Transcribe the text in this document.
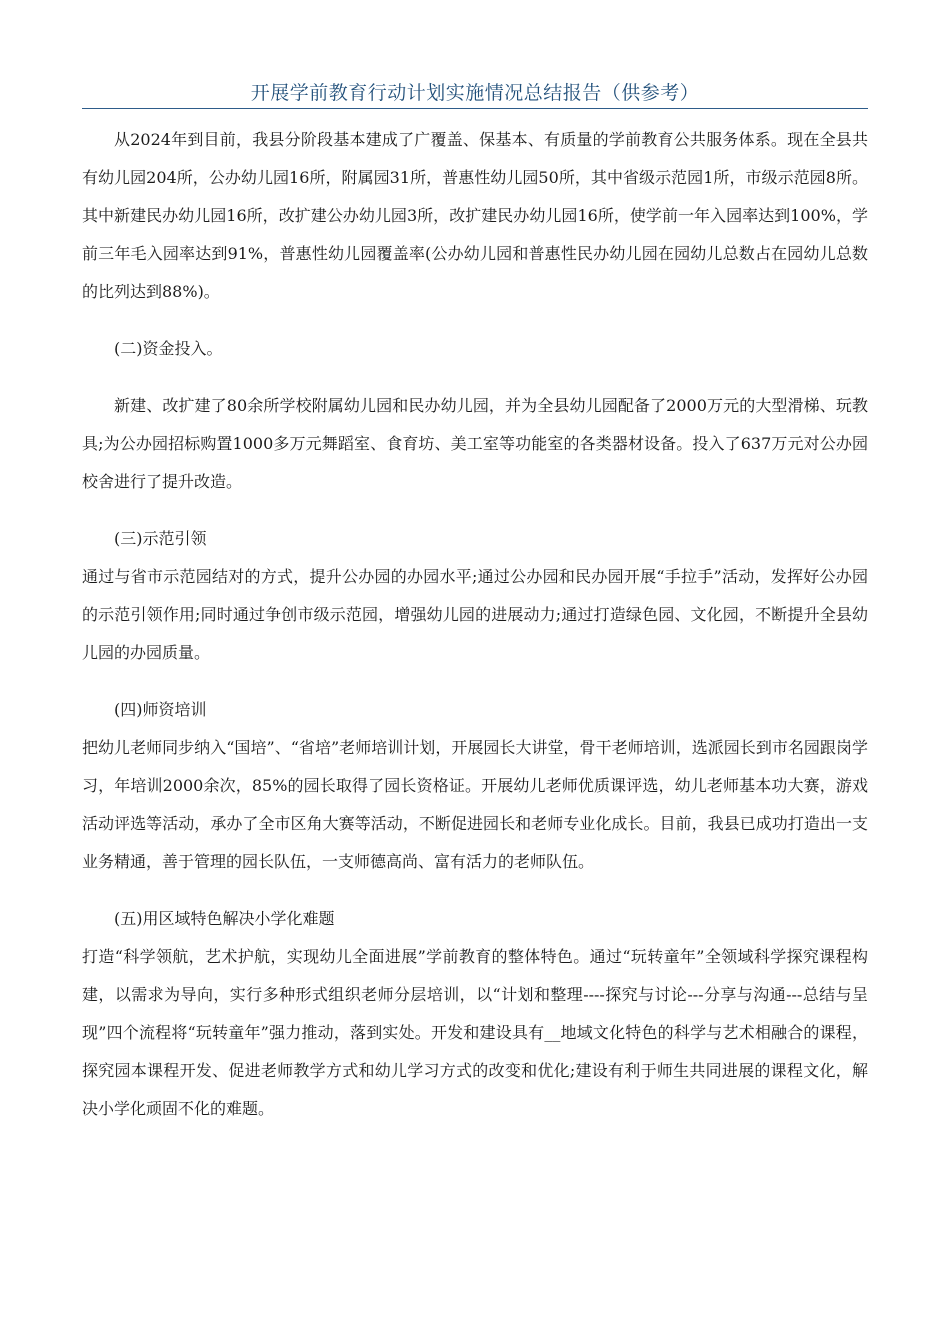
开展学前教育行动计划实施情况总结报告（供参考）

从2024年到目前，我县分阶段基本建成了广覆盖、保基本、有质量的学前教育公共服务体系。现在全县共有幼儿园204所，公办幼儿园16所，附属园31所，普惠性幼儿园50所，其中省级示范园1所，市级示范园8所。其中新建民办幼儿园16所，改扩建公办幼儿园3所，改扩建民办幼儿园16所，使学前一年入园率达到100%，学前三年毛入园率达到91%，普惠性幼儿园覆盖率(公办幼儿园和普惠性民办幼儿园在园幼儿总数占在园幼儿总数的比列达到88%)。

(二)资金投入。

新建、改扩建了80余所学校附属幼儿园和民办幼儿园，并为全县幼儿园配备了2000万元的大型滑梯、玩教具;为公办园招标购置1000多万元舞蹈室、食育坊、美工室等功能室的各类器材设备。投入了637万元对公办园校舍进行了提升改造。

(三)示范引领

通过与省市示范园结对的方式，提升公办园的办园水平;通过公办园和民办园开展“手拉手”活动，发挥好公办园的示范引领作用;同时通过争创市级示范园，增强幼儿园的进展动力;通过打造绿色园、文化园，不断提升全县幼儿园的办园质量。

(四)师资培训

把幼儿老师同步纳入“国培”、“省培”老师培训计划，开展园长大讲堂，骨干老师培训，选派园长到市名园跟岗学习，年培训2000余次，85%的园长取得了园长资格证。开展幼儿老师优质课评选，幼儿老师基本功大赛，游戏活动评选等活动，承办了全市区角大赛等活动，不断促进园长和老师专业化成长。目前，我县已成功打造出一支业务精通，善于管理的园长队伍，一支师德高尚、富有活力的老师队伍。

(五)用区域特色解决小学化难题

打造“科学领航，艺术护航，实现幼儿全面进展”学前教育的整体特色。通过“玩转童年”全领域科学探究课程构建，以需求为导向，实行多种形式组织老师分层培训，以“计划和整理----探究与讨论---分享与沟通---总结与呈现”四个流程将“玩转童年”强力推动，落到实处。开发和建设具有__地域文化特色的科学与艺术相融合的课程，探究园本课程开发、促进老师教学方式和幼儿学习方式的改变和优化;建设有利于师生共同进展的课程文化，解决小学化顽固不化的难题。
